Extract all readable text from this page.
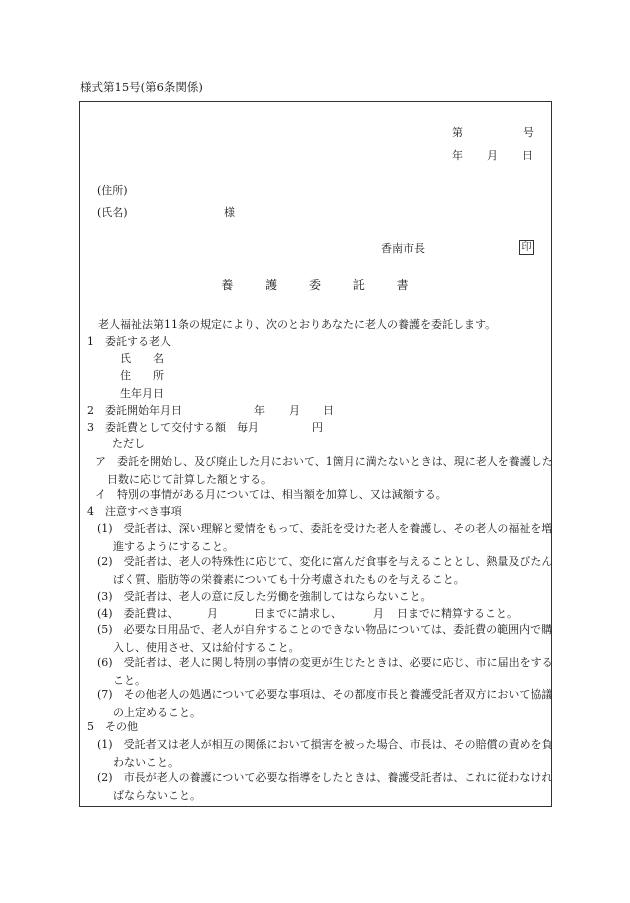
様式第15号(第6条関係)
第	号
年 月 日
(住所)
(氏名)	様
香南市長	印
養	護	委	託	書
老人福祉法第11条の規定により、次のとおりあなたに老人の養護を委託します。
1　委託する老人
氏　　名
住　　所
生年月日
2　委託開始年月日	年 月 日
3　委託費として交付する額　毎月	円
ただし
ア　委託を開始し、及び廃止した月において、1箇月に満たないときは、現に老人を養護した日数に応じて計算した額とする。
イ　特別の事情がある月については、相当額を加算し、又は減額する。
4　注意すべき事項
(1)　受託者は、深い理解と愛情をもって、委託を受けた老人を養護し、その老人の福祉を増進するようにすること。
(2)　受託者は、老人の特殊性に応じて、変化に富んだ食事を与えることとし、熱量及びたんぱく質、脂肪等の栄養素についても十分考慮されたものを与えること。
(3)　受託者は、老人の意に反した労働を強制してはならないこと。
(4)　委託費は、	月	日までに請求し、	月 日までに精算すること。
(5)　必要な日用品で、老人が自弁することのできない物品については、委託費の範囲内で購入し、使用させ、又は給付すること。
(6)　受託者は、老人に関し特別の事情の変更が生じたときは、必要に応じ、市に届出をすること。
(7)　その他老人の処遇について必要な事項は、その都度市長と養護受託者双方において協議の上定めること。
5　その他
(1)　受託者又は老人が相互の関係において損害を被った場合、市長は、その賠償の責めを負わないこと。
(2)　市長が老人の養護について必要な指導をしたときは、養護受託者は、これに従わなければならないこと。
